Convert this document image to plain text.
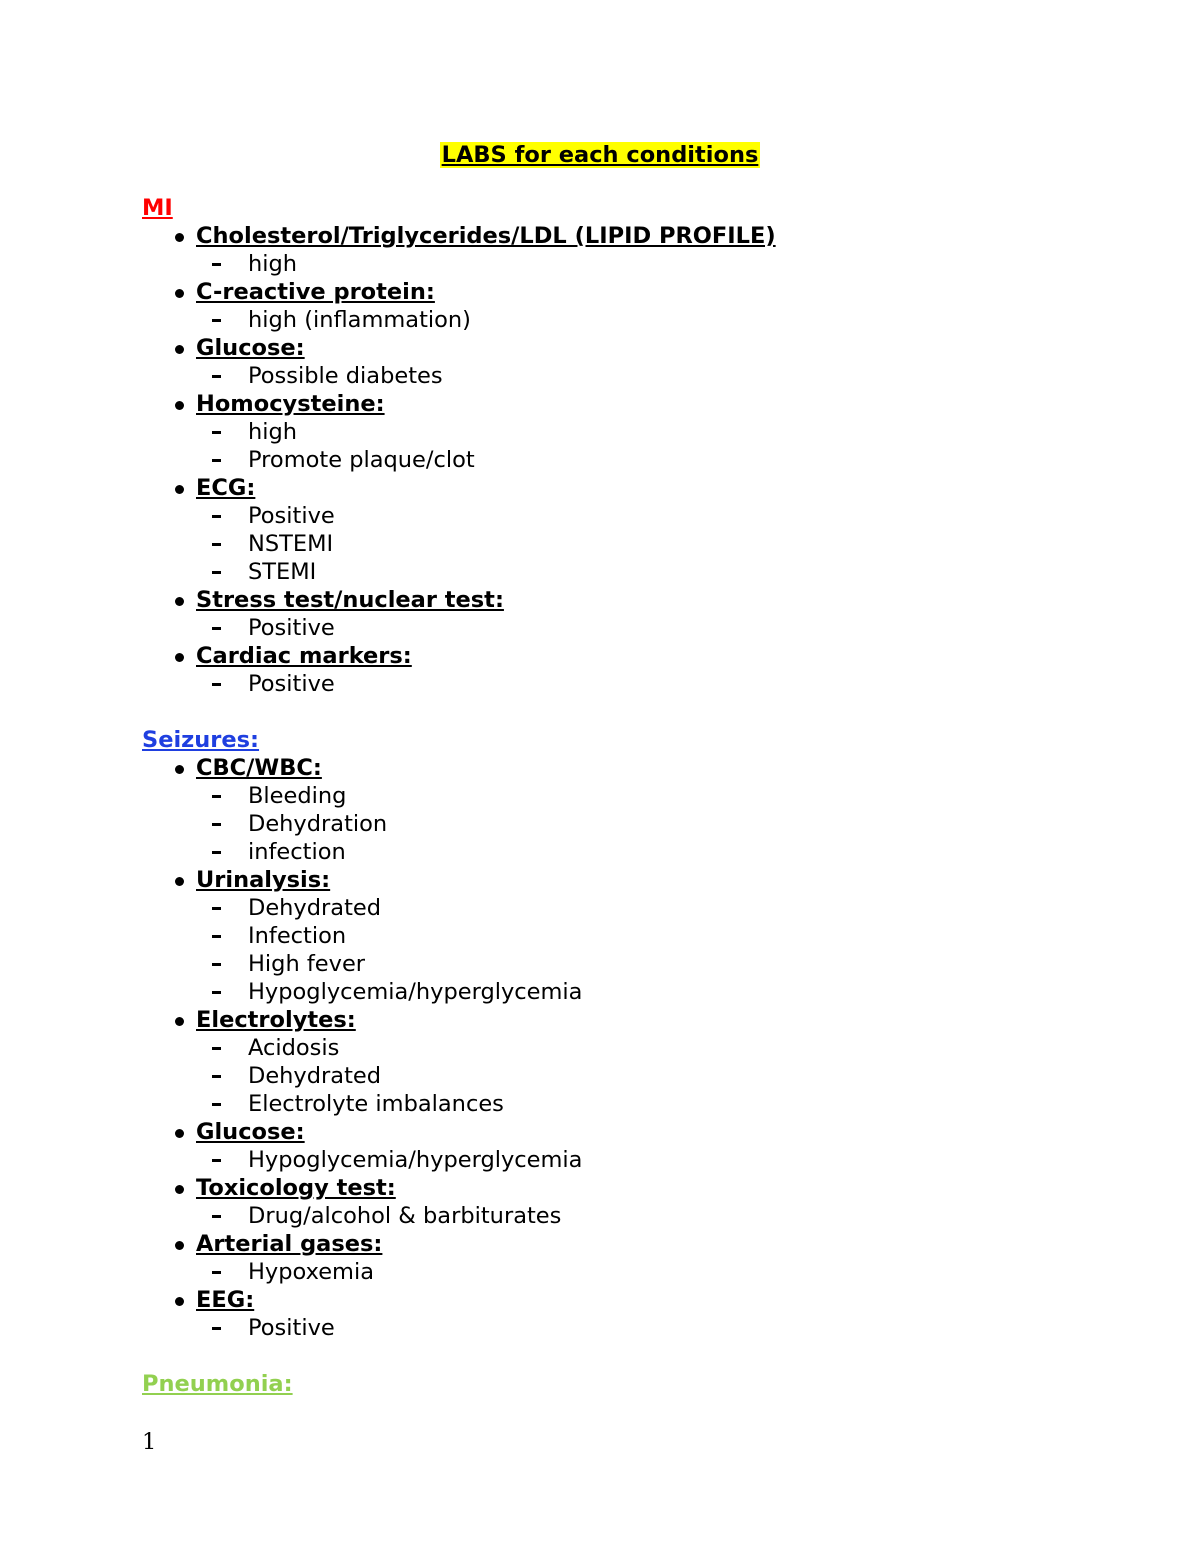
LABS for each conditions
MI
Cholesterol/Triglycerides/LDL (LIPID PROFILE)
high
C-reactive protein:
high (inflammation)
Glucose:
Possible diabetes
Homocysteine:
high
Promote plaque/clot
ECG:
Positive
NSTEMI
STEMI
Stress test/nuclear test:
Positive
Cardiac markers:
Positive
Seizures:
CBC/WBC:
Bleeding
Dehydration
infection
Urinalysis:
Dehydrated
Infection
High fever
Hypoglycemia/hyperglycemia
Electrolytes:
Acidosis
Dehydrated
Electrolyte imbalances
Glucose:
Hypoglycemia/hyperglycemia
Toxicology test:
Drug/alcohol & barbiturates
Arterial gases:
Hypoxemia
EEG:
Positive
Pneumonia:
1
